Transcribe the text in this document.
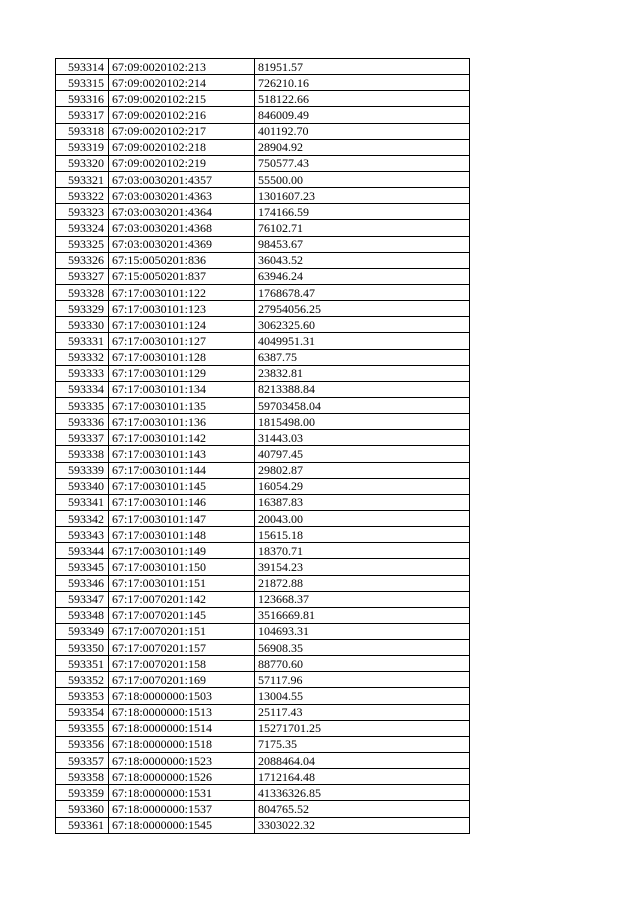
593314	67:09:0020102:213	81951.57
593315	67:09:0020102:214	726210.16
593316	67:09:0020102:215	518122.66
593317	67:09:0020102:216	846009.49
593318	67:09:0020102:217	401192.70
593319	67:09:0020102:218	28904.92
593320	67:09:0020102:219	750577.43
593321	67:03:0030201:4357	55500.00
593322	67:03:0030201:4363	1301607.23
593323	67:03:0030201:4364	174166.59
593324	67:03:0030201:4368	76102.71
593325	67:03:0030201:4369	98453.67
593326	67:15:0050201:836	36043.52
593327	67:15:0050201:837	63946.24
593328	67:17:0030101:122	1768678.47
593329	67:17:0030101:123	27954056.25
593330	67:17:0030101:124	3062325.60
593331	67:17:0030101:127	4049951.31
593332	67:17:0030101:128	6387.75
593333	67:17:0030101:129	23832.81
593334	67:17:0030101:134	8213388.84
593335	67:17:0030101:135	59703458.04
593336	67:17:0030101:136	1815498.00
593337	67:17:0030101:142	31443.03
593338	67:17:0030101:143	40797.45
593339	67:17:0030101:144	29802.87
593340	67:17:0030101:145	16054.29
593341	67:17:0030101:146	16387.83
593342	67:17:0030101:147	20043.00
593343	67:17:0030101:148	15615.18
593344	67:17:0030101:149	18370.71
593345	67:17:0030101:150	39154.23
593346	67:17:0030101:151	21872.88
593347	67:17:0070201:142	123668.37
593348	67:17:0070201:145	3516669.81
593349	67:17:0070201:151	104693.31
593350	67:17:0070201:157	56908.35
593351	67:17:0070201:158	88770.60
593352	67:17:0070201:169	57117.96
593353	67:18:0000000:1503	13004.55
593354	67:18:0000000:1513	25117.43
593355	67:18:0000000:1514	15271701.25
593356	67:18:0000000:1518	7175.35
593357	67:18:0000000:1523	2088464.04
593358	67:18:0000000:1526	1712164.48
593359	67:18:0000000:1531	41336326.85
593360	67:18:0000000:1537	804765.52
593361	67:18:0000000:1545	3303022.32
